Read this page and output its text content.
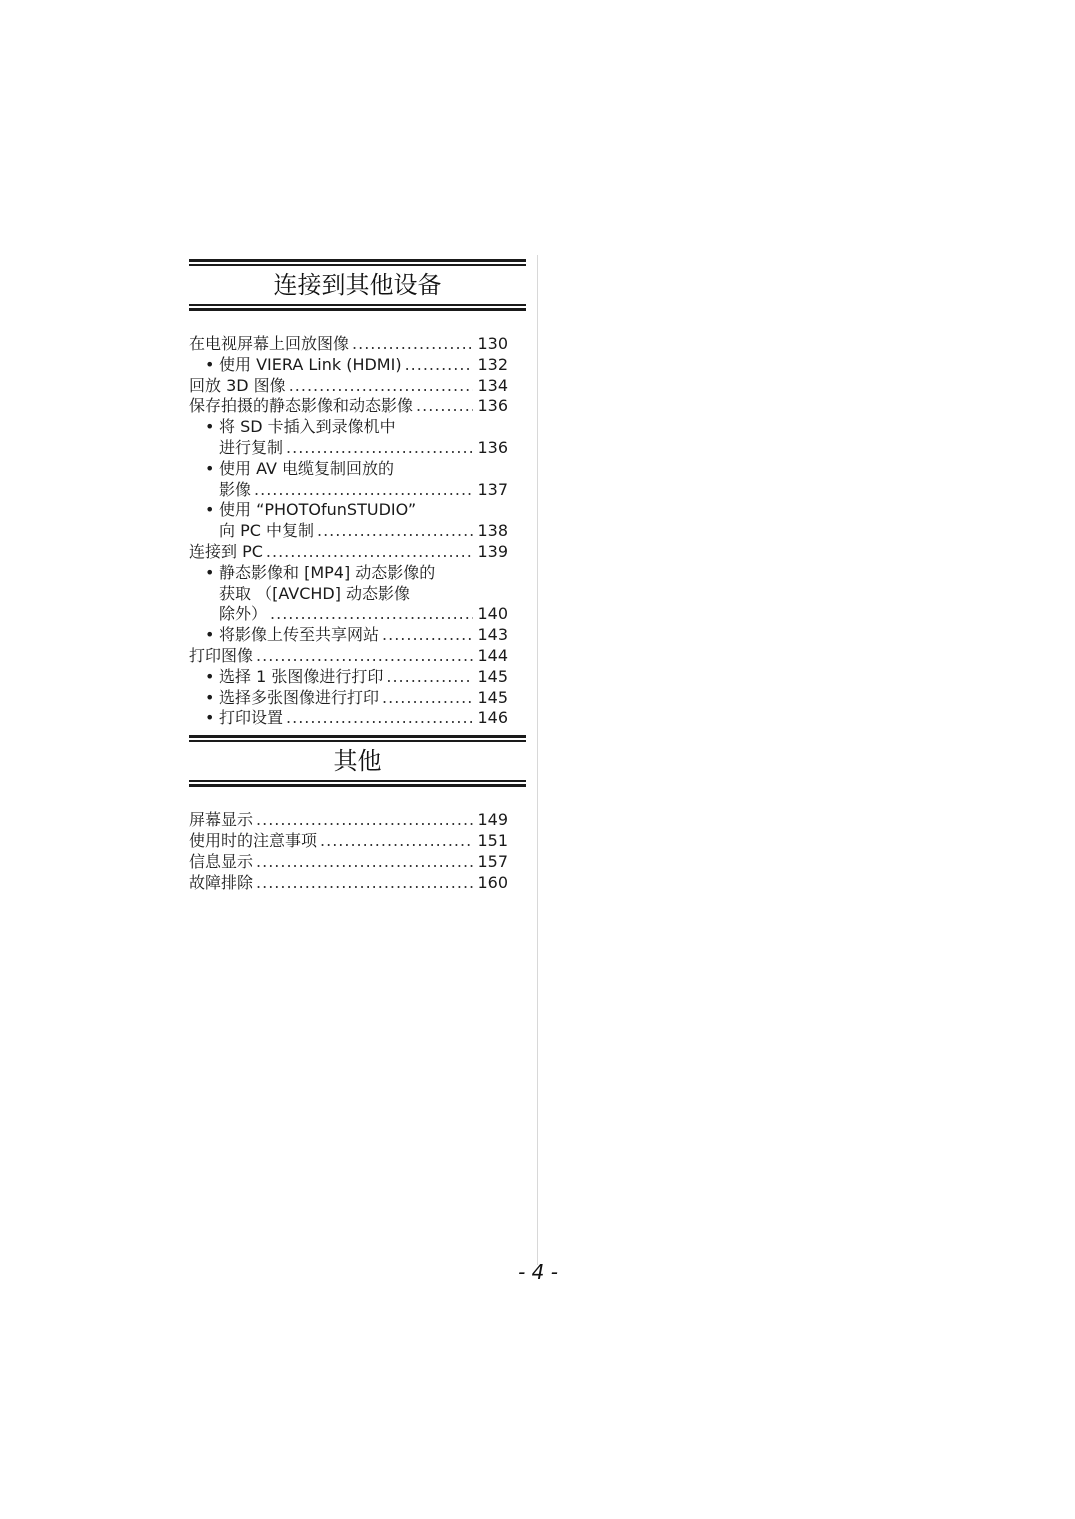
连接到其他设备
在电视屏幕上回放图像 .....	130
• 使用 VIERA Link (HDMI) .....	132
回放 3D 图像 .....	134
保存拍摄的静态影像和动态影像 .....	136
• 将 SD 卡插入到录像机中
进行复制 .....	136
• 使用 AV 电缆复制回放的
影像 .....	137
• 使用 “PHOTOfunSTUDIO”
向 PC 中复制 .....	138
连接到 PC .....	139
• 静态影像和 [MP4] 动态影像的
获取 （[AVCHD] 动态影像
除外） .....	140
• 将影像上传至共享网站 .....	143
打印图像 .....	144
• 选择 1 张图像进行打印 .....	145
• 选择多张图像进行打印 .....	145
• 打印设置 .....	146
其他
屏幕显示 .....	149
使用时的注意事项 .....	151
信息显示 .....	157
故障排除 .....	160
- 4 -
